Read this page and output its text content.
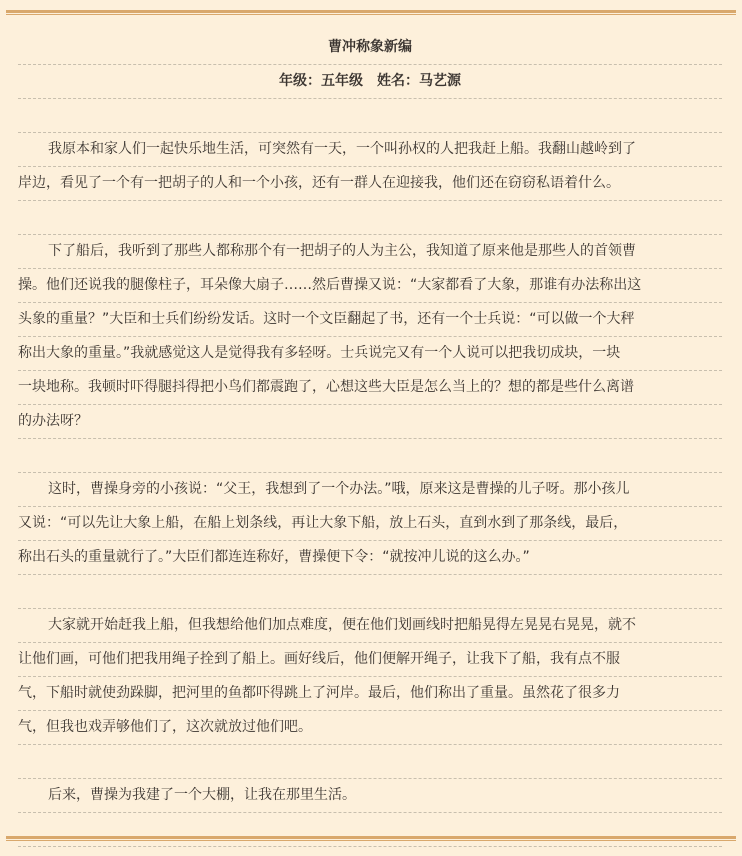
曹冲称象新编
年级：五年级　姓名：马艺源
我原本和家人们一起快乐地生活，可突然有一天，一个叫孙权的人把我赶上船。我翻山越岭到了
岸边，看见了一个有一把胡子的人和一个小孩，还有一群人在迎接我，他们还在窃窃私语着什么。
下了船后，我听到了那些人都称那个有一把胡子的人为主公，我知道了原来他是那些人的首领曹
操。他们还说我的腿像柱子，耳朵像大扇子……然后曹操又说：“大家都看了大象，那谁有办法称出这
头象的重量？”大臣和士兵们纷纷发话。这时一个文臣翻起了书，还有一个士兵说：“可以做一个大秤
称出大象的重量。”我就感觉这人是觉得我有多轻呀。士兵说完又有一个人说可以把我切成块，一块
一块地称。我顿时吓得腿抖得把小鸟们都震跑了，心想这些大臣是怎么当上的？想的都是些什么离谱
的办法呀？
这时，曹操身旁的小孩说：“父王，我想到了一个办法。”哦，原来这是曹操的儿子呀。那小孩儿
又说：“可以先让大象上船，在船上划条线，再让大象下船，放上石头，直到水到了那条线，最后，
称出石头的重量就行了。”大臣们都连连称好，曹操便下令：“就按冲儿说的这么办。”
大家就开始赶我上船，但我想给他们加点难度，便在他们划画线时把船晃得左晃晃右晃晃，就不
让他们画，可他们把我用绳子拴到了船上。画好线后，他们便解开绳子，让我下了船，我有点不服
气，下船时就使劲跺脚，把河里的鱼都吓得跳上了河岸。最后，他们称出了重量。虽然花了很多力
气，但我也戏弄够他们了，这次就放过他们吧。
后来，曹操为我建了一个大棚，让我在那里生活。
